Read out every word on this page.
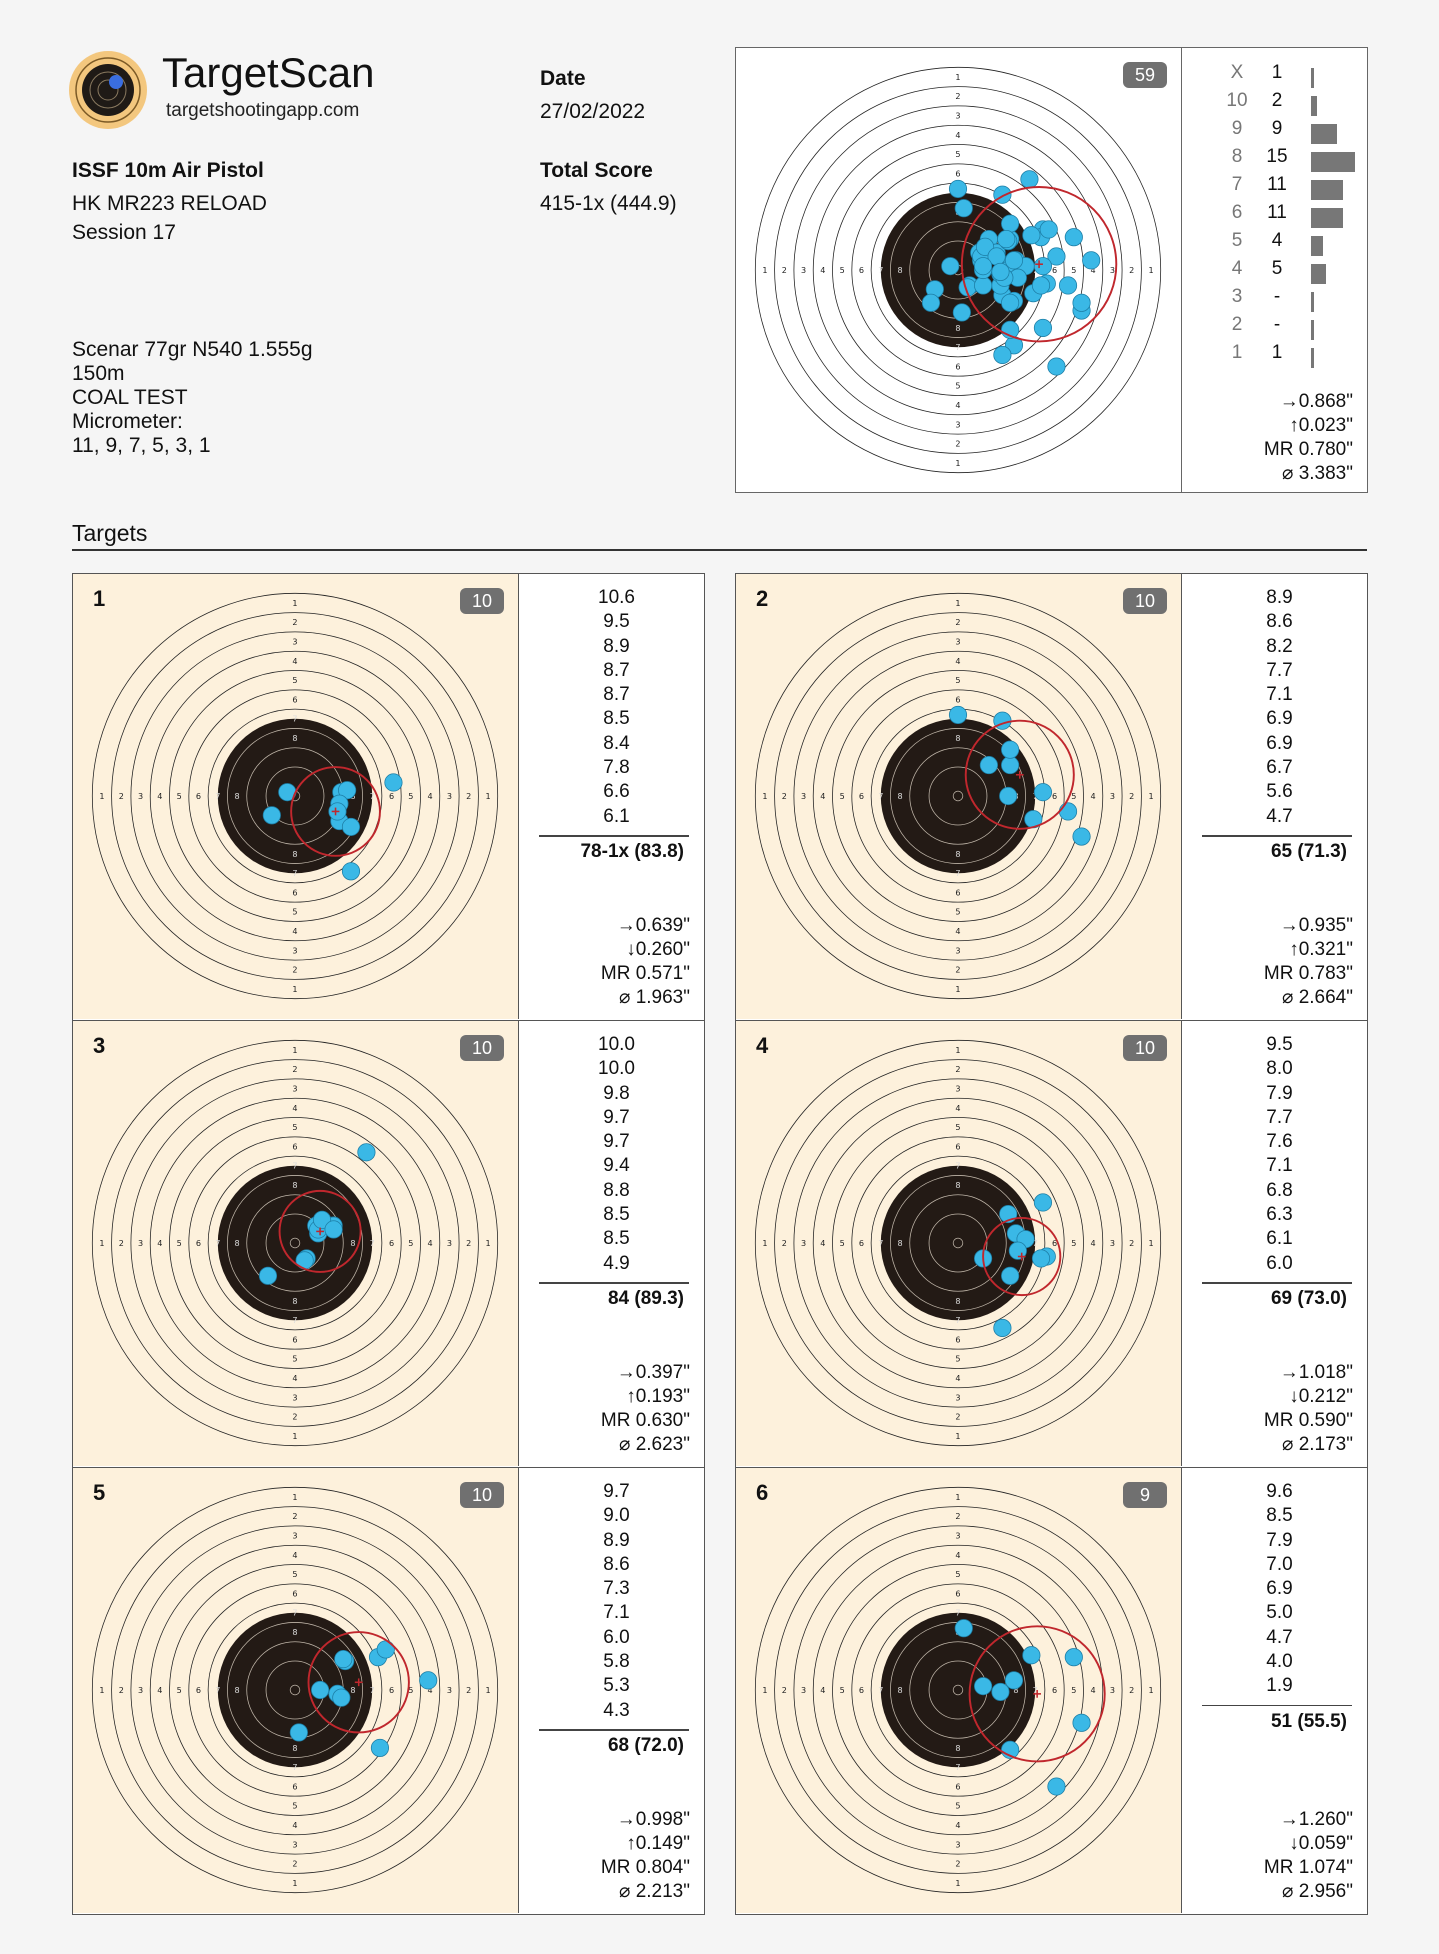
TargetScan
targetshootingapp.com
ISSF 10m Air Pistol
HK MR223 RELOAD
Session 17
Scenar 77gr N540 1.555g
150m
COAL TEST
Micrometer:
11, 9, 7, 5, 3, 1
Date
27/02/2022
Total Score
415-1x (444.9)
59	X	1
10	2
9	9
8	15
7	11
6	11
5	4
4	5
3	-
2	-
1	1
→0.868"
↑0.023"
MR 0.780"
⌀ 3.383"
Targets
1	10	10.6
9.5
8.9
8.7
8.7
8.5
8.4
7.8
6.6
6.1
78-1x (83.8)
→0.639"
↓0.260"
MR 0.571"
⌀ 1.963"
2	10	8.9
8.6
8.2
7.7
7.1
6.9
6.9
6.7
5.6
4.7
65 (71.3)
→0.935"
↑0.321"
MR 0.783"
⌀ 2.664"
3	10	10.0
10.0
9.8
9.7
9.7
9.4
8.8
8.5
8.5
4.9
84 (89.3)
→0.397"
↑0.193"
MR 0.630"
⌀ 2.623"
4	10	9.5
8.0
7.9
7.7
7.6
7.1
6.8
6.3
6.1
6.0
69 (73.0)
→1.018"
↓0.212"
MR 0.590"
⌀ 2.173"
5	10	9.7
9.0
8.9
8.6
7.3
7.1
6.0
5.8
5.3
4.3
68 (72.0)
→0.998"
↑0.149"
MR 0.804"
⌀ 2.213"
6	9	9.6
8.5
7.9
7.0
6.9
5.0
4.7
4.0
1.9
51 (55.5)
→1.260"
↓0.059"
MR 1.074"
⌀ 2.956"
